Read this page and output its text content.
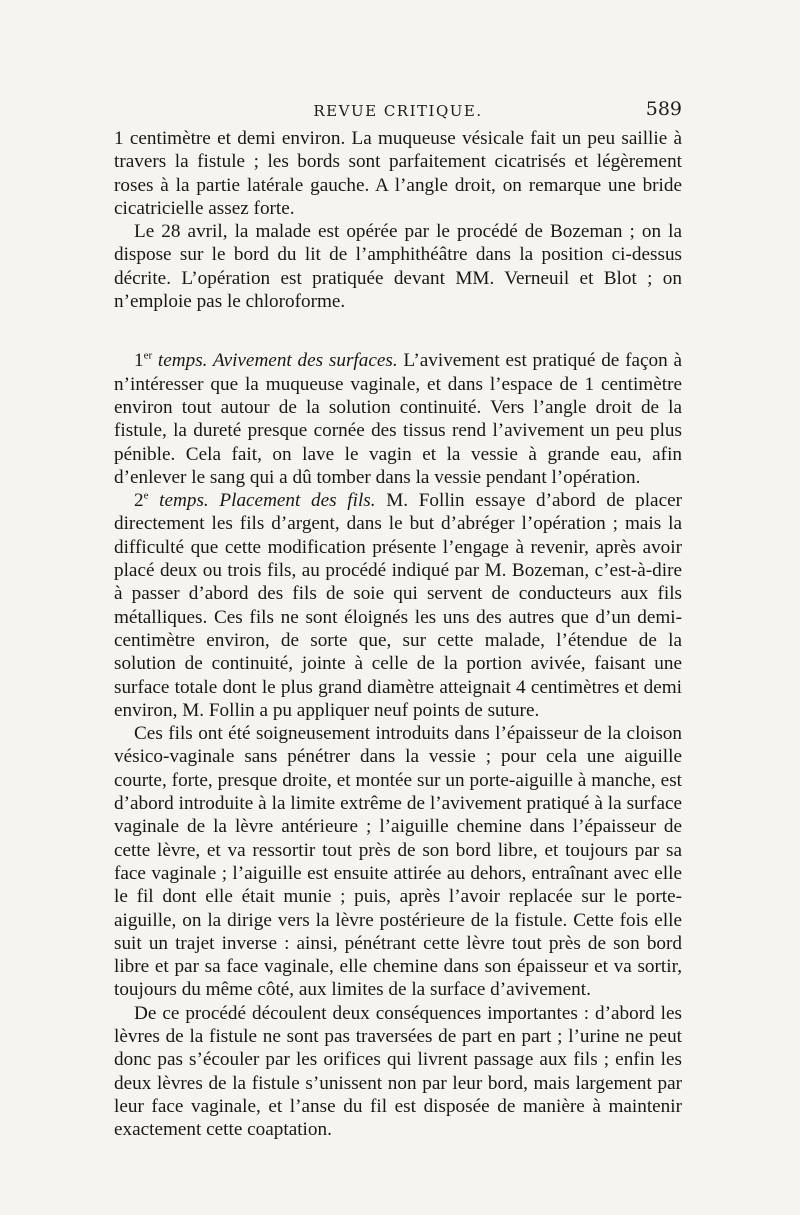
REVUE CRITIQUE.	589

1 centimètre et demi environ. La muqueuse vésicale fait un peu saillie à travers la fistule ; les bords sont parfaitement cicatrisés et légèrement roses à la partie latérale gauche. A l’angle droit, on remarque une bride cicatricielle assez forte.

Le 28 avril, la malade est opérée par le procédé de Bozeman ; on la dispose sur le bord du lit de l’amphithéâtre dans la position ci-dessus décrite. L’opération est pratiquée devant MM. Verneuil et Blot ; on n’emploie pas le chloroforme.

1er temps. Avivement des surfaces. L’avivement est pratiqué de façon à n’intéresser que la muqueuse vaginale, et dans l’espace de 1 centimètre environ tout autour de la solution continuité. Vers l’angle droit de la fistule, la dureté presque cornée des tissus rend l’avivement un peu plus pénible. Cela fait, on lave le vagin et la vessie à grande eau, afin d’enlever le sang qui a dû tomber dans la vessie pendant l’opération.

2e temps. Placement des fils. M. Follin essaye d’abord de placer directement les fils d’argent, dans le but d’abréger l’opération ; mais la difficulté que cette modification présente l’engage à revenir, après avoir placé deux ou trois fils, au procédé indiqué par M. Bozeman, c’est-à-dire à passer d’abord des fils de soie qui servent de conducteurs aux fils métalliques. Ces fils ne sont éloignés les uns des autres que d’un demi-centimètre environ, de sorte que, sur cette malade, l’étendue de la solution de continuité, jointe à celle de la portion avivée, faisant une surface totale dont le plus grand diamètre atteignait 4 centimètres et demi environ, M. Follin a pu appliquer neuf points de suture.

Ces fils ont été soigneusement introduits dans l’épaisseur de la cloison vésico-vaginale sans pénétrer dans la vessie ; pour cela une aiguille courte, forte, presque droite, et montée sur un porte-aiguille à manche, est d’abord introduite à la limite extrême de l’avivement pratiqué à la surface vaginale de la lèvre antérieure ; l’aiguille chemine dans l’épaisseur de cette lèvre, et va ressortir tout près de son bord libre, et toujours par sa face vaginale ; l’aiguille est ensuite attirée au dehors, entraînant avec elle le fil dont elle était munie ; puis, après l’avoir replacée sur le porte-aiguille, on la dirige vers la lèvre postérieure de la fistule. Cette fois elle suit un trajet inverse : ainsi, pénétrant cette lèvre tout près de son bord libre et par sa face vaginale, elle chemine dans son épaisseur et va sortir, toujours du même côté, aux limites de la surface d’avivement.

De ce procédé découlent deux conséquences importantes : d’abord les lèvres de la fistule ne sont pas traversées de part en part ; l’urine ne peut donc pas s’écouler par les orifices qui livrent passage aux fils ; enfin les deux lèvres de la fistule s’unissent non par leur bord, mais largement par leur face vaginale, et l’anse du fil est disposée de manière à maintenir exactement cette coaptation.
